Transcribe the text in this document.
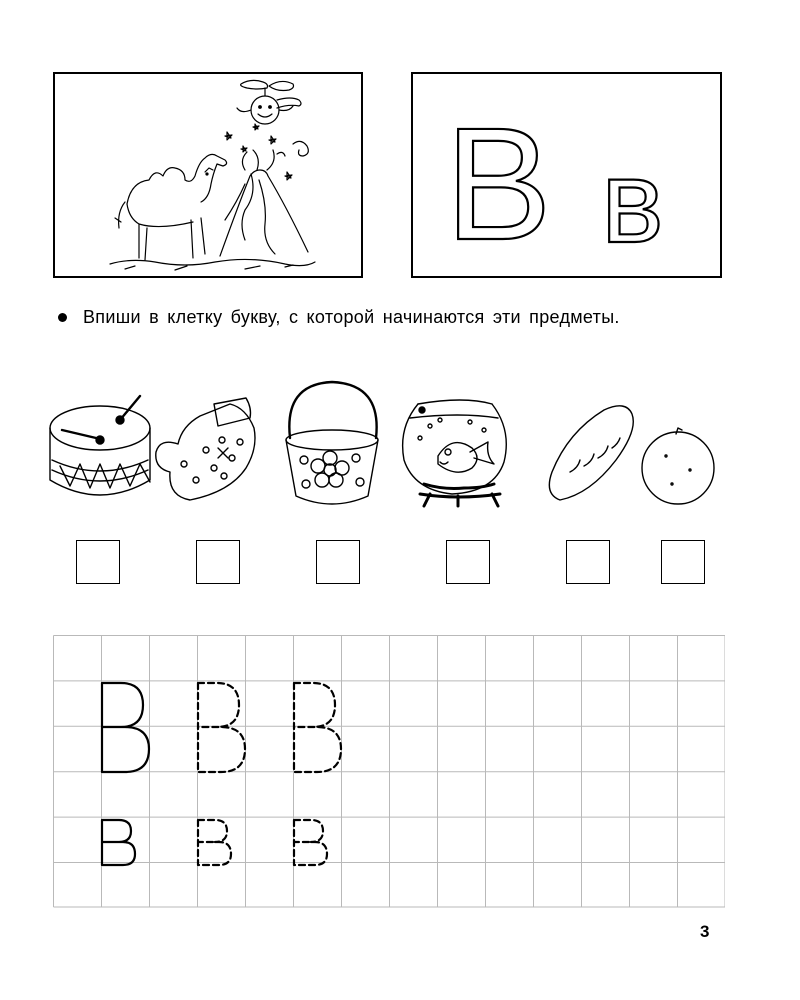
В в
Впиши в клетку букву, с которой начинаются эти предметы.
3
